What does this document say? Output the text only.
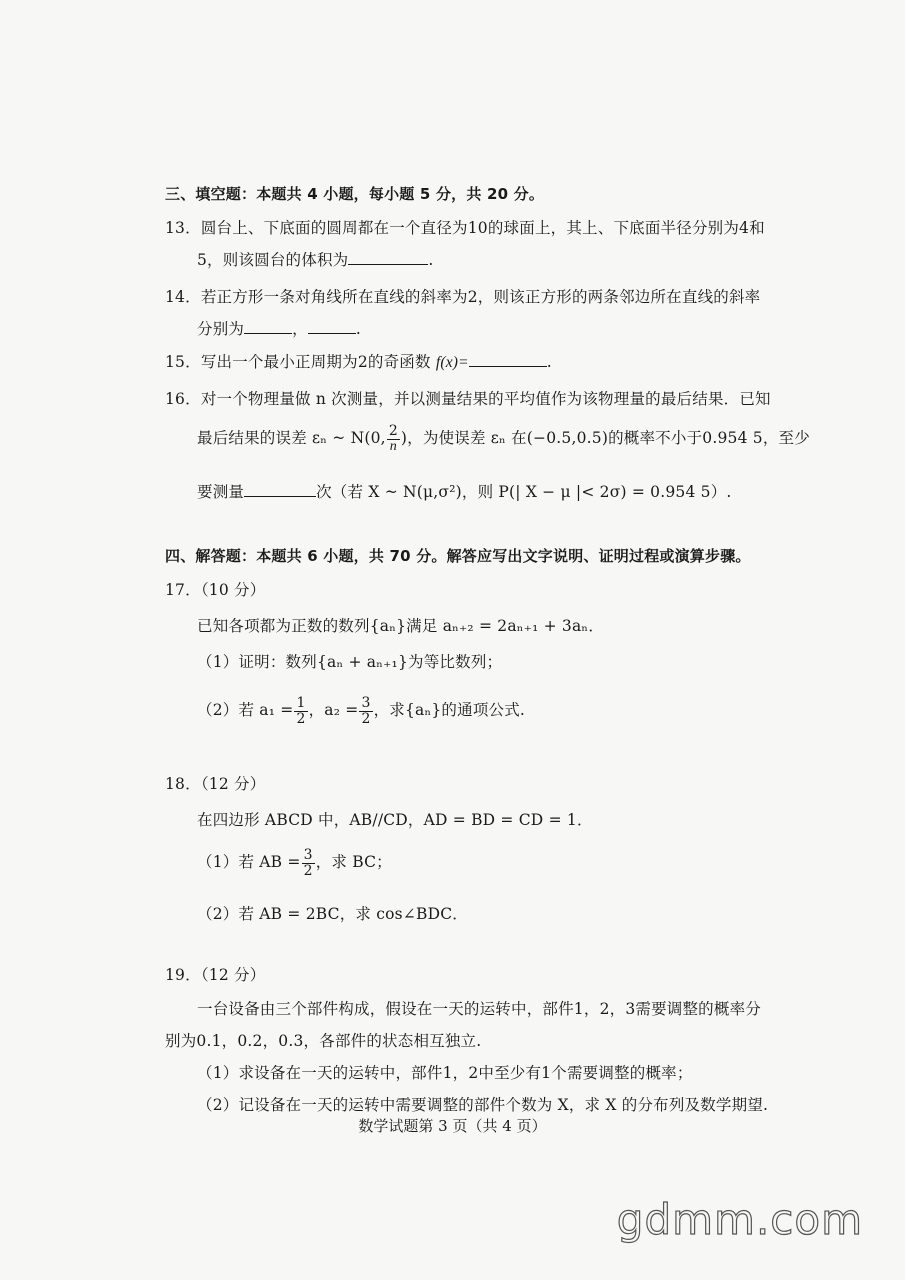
三、填空题：本题共 4 小题，每小题 5 分，共 20 分。
13．圆台上、下底面的圆周都在一个直径为10的球面上，其上、下底面半径分别为4和
5，则该圆台的体积为	.
14．若正方形一条对角线所在直线的斜率为2，则该正方形的两条邻边所在直线的斜率
分别为	，	.
15．写出一个最小正周期为2的奇函数 f(x)=	.
16．对一个物理量做 n 次测量，并以测量结果的平均值作为该物理量的最后结果．已知
最后结果的误差 εₙ ~ N(0, $\frac{2}{n}$ )，为使误差 εₙ 在(−0.5,0.5)的概率不小于0.954 5，至少
要测量	次（若 X ~ N(μ,σ²)，则 P(| X − μ |< 2σ) = 0.954 5）.
四、解答题：本题共 6 小题，共 70 分。解答应写出文字说明、证明过程或演算步骤。
17．（10 分）
已知各项都为正数的数列{aₙ}满足 aₙ₊₂ = 2aₙ₊₁ + 3aₙ．
（1）证明：数列{aₙ + aₙ₊₁}为等比数列；
（2）若 $a_1 = \frac{1}{2}$ ，$a_2 = \frac{3}{2}$ ，求{aₙ}的通项公式.
18．（12 分）
在四边形 ABCD 中，AB//CD，AD = BD = CD = 1．
（1）若 AB = $\frac{3}{2}$ ，求 BC；
（2）若 AB = 2BC，求 cos∠BDC．
19．（12 分）
一台设备由三个部件构成，假设在一天的运转中，部件1，2，3需要调整的概率分
别为0.1，0.2，0.3，各部件的状态相互独立.
（1）求设备在一天的运转中，部件1，2中至少有1个需要调整的概率；
（2）记设备在一天的运转中需要调整的部件个数为 X，求 X 的分布列及数学期望.
数学试题第 3 页（共 4 页）
gdmm.com
